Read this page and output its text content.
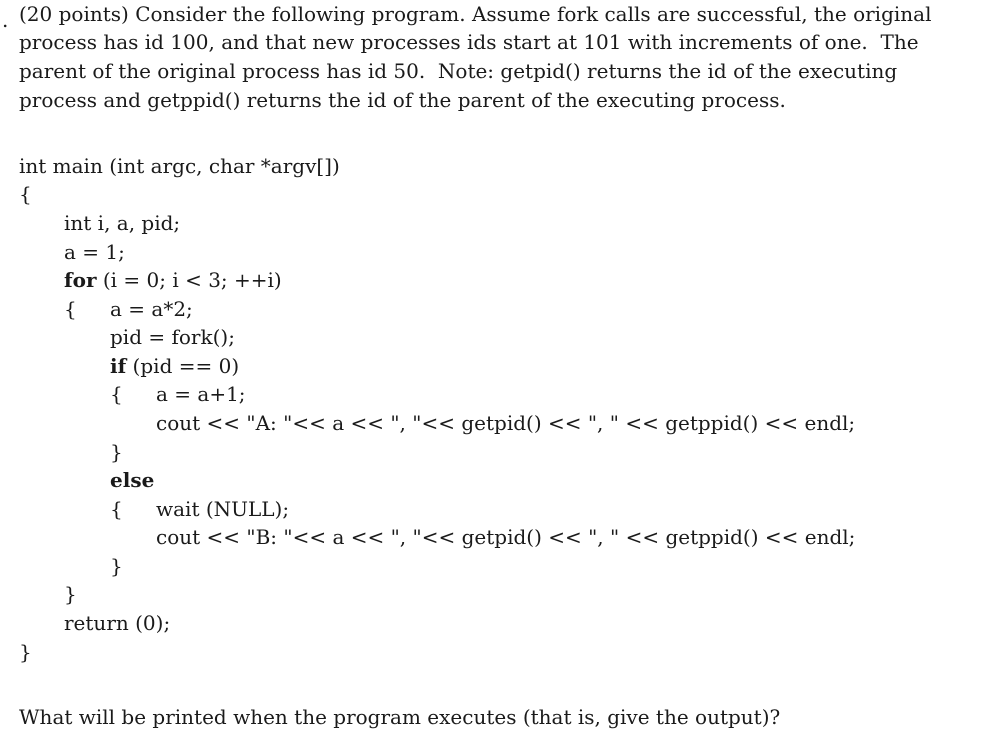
. (20 points) Consider the following program. Assume fork calls are successful, the original
process has id 100, and that new processes ids start at 101 with increments of one.  The
parent of the original process has id 50.  Note: getpid() returns the id of the executing
process and getppid() returns the id of the parent of the executing process.
int main (int argc, char *argv[])
{
int i, a, pid;
a = 1;
for (i = 0; i < 3; ++i)
{ a = a*2;
pid = fork();
if (pid == 0)
{ a = a+1;
cout << "A: "<< a << ", "<< getpid() << ", " << getppid() << endl;
}
else
{ wait (NULL);
cout << "B: "<< a << ", "<< getpid() << ", " << getppid() << endl;
}
}
return (0);
}
What will be printed when the program executes (that is, give the output)?
